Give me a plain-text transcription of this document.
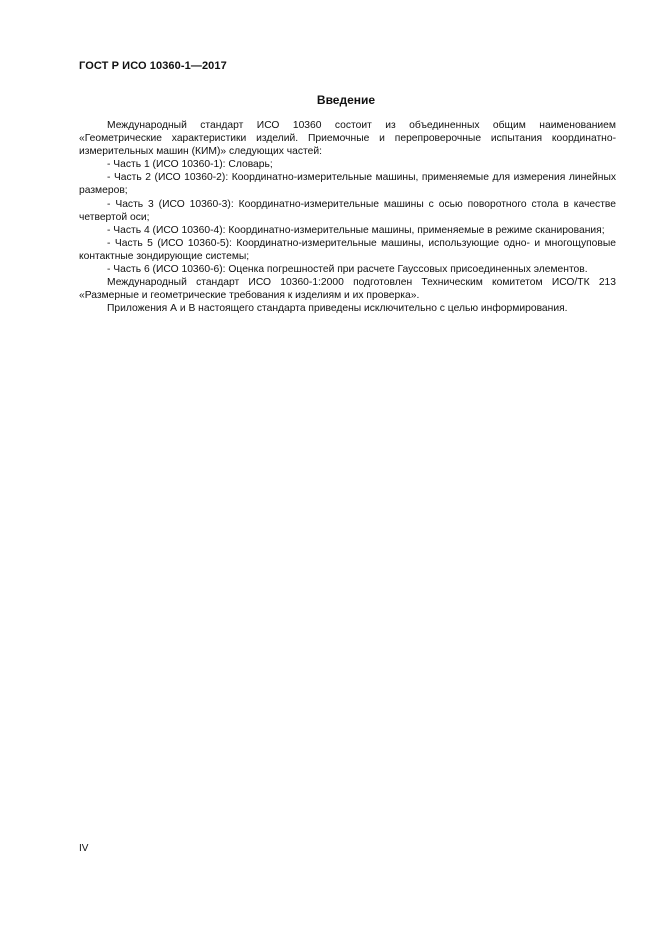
ГОСТ Р ИСО 10360-1—2017
Введение

Международный стандарт ИСО 10360 состоит из объединенных общим наименованием «Геометрические характеристики изделий. Приемочные и перепроверочные испытания координатно-измерительных машин (КИМ)» следующих частей:

- Часть 1 (ИСО 10360-1): Словарь;

- Часть 2 (ИСО 10360-2): Координатно-измерительные машины, применяемые для измерения линейных размеров;

- Часть 3 (ИСО 10360-3): Координатно-измерительные машины с осью поворотного стола в качестве четвертой оси;

- Часть 4 (ИСО 10360-4): Координатно-измерительные машины, применяемые в режиме сканирования;

- Часть 5 (ИСО 10360-5): Координатно-измерительные машины, использующие одно- и многощуповые контактные зондирующие системы;

- Часть 6 (ИСО 10360-6): Оценка погрешностей при расчете Гауссовых присоединенных элементов.

Международный стандарт ИСО 10360-1:2000 подготовлен Техническим комитетом ИСО/ТК 213 «Размерные и геометрические требования к изделиям и их проверка».

Приложения А и В настоящего стандарта приведены исключительно с целью информирования.

IV
